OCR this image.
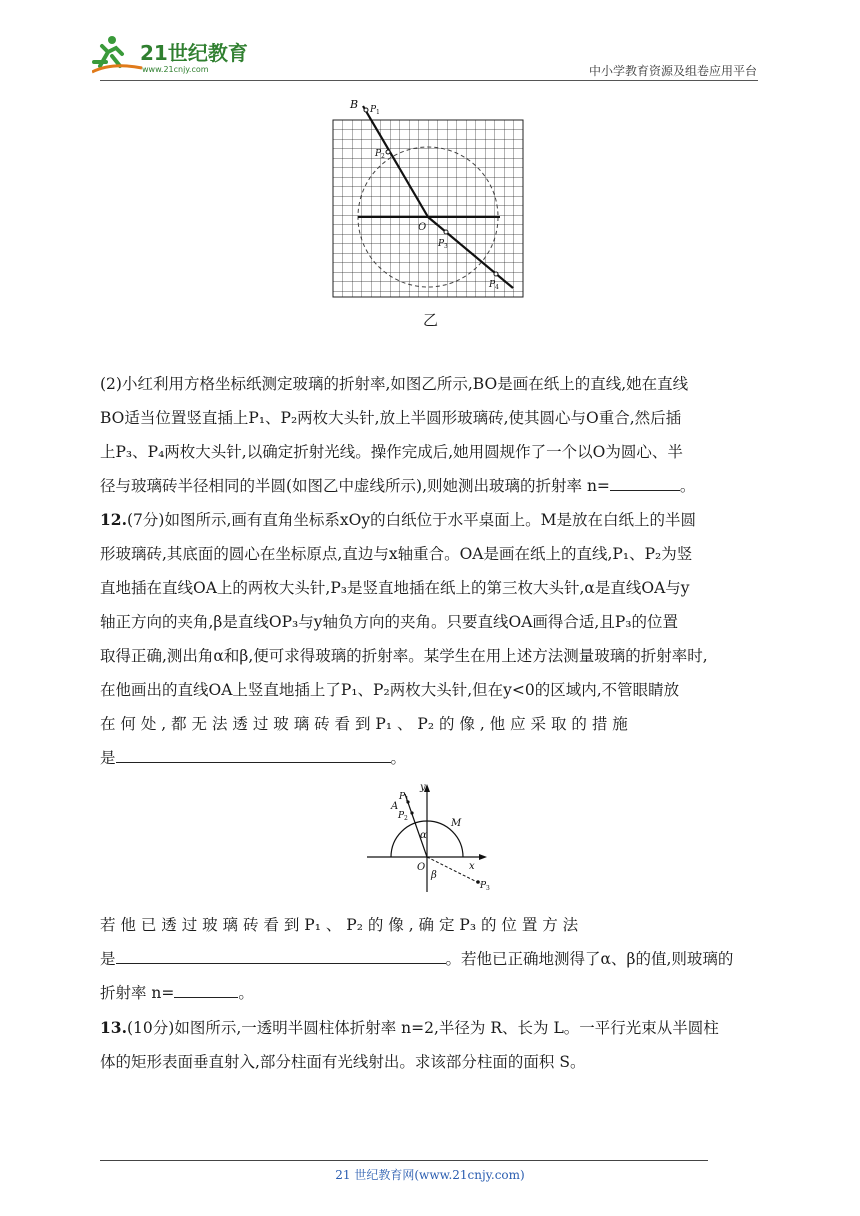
21世纪教育
www.21cnjy.com	中小学教育资源及组卷应用平台
B P 1
P 2
O
P 3
P 4
乙
(2)小红利用方格坐标纸测定玻璃的折射率,如图乙所示,BO是画在纸上的直线,她在直线
BO适当位置竖直插上P₁、P₂两枚大头针,放上半圆形玻璃砖,使其圆心与O重合,然后插
上P₃、P₄两枚大头针,以确定折射光线。操作完成后,她用圆规作了一个以O为圆心、半
径与玻璃砖半径相同的半圆(如图乙中虚线所示),则她测出玻璃的折射率 n=	。
12.(7分)如图所示,画有直角坐标系xOy的白纸位于水平桌面上。M是放在白纸上的半圆
形玻璃砖,其底面的圆心在坐标原点,直边与x轴重合。OA是画在纸上的直线,P₁、P₂为竖
直地插在直线OA上的两枚大头针,P₃是竖直地插在纸上的第三枚大头针,α是直线OA与y
轴正方向的夹角,β是直线OP₃与y轴负方向的夹角。只要直线OA画得合适,且P₃的位置
取得正确,测出角α和β,便可求得玻璃的折射率。某学生在用上述方法测量玻璃的折射率时,
在他画出的直线OA上竖直地插上了P₁、P₂两枚大头针,但在y<0的区域内,不管眼睛放
在 何 处 , 都 无 法 透 过 玻 璃 砖 看 到 P₁ 、 P₂ 的 像 , 他 应 采 取 的 措 施
是	。
y
x
A
P 1
P 2	M
α
O
β
P 3
若 他 已 透 过 玻 璃 砖 看 到 P₁ 、 P₂ 的 像 , 确 定 P₃ 的 位 置 方 法
是	。若他已正确地测得了α、β的值,则玻璃的
折射率 n=	。
13.(10分)如图所示,一透明半圆柱体折射率 n=2,半径为 R、长为 L。一平行光束从半圆柱
体的矩形表面垂直射入,部分柱面有光线射出。求该部分柱面的面积 S。
21 世纪教育网(www.21cnjy.com)
